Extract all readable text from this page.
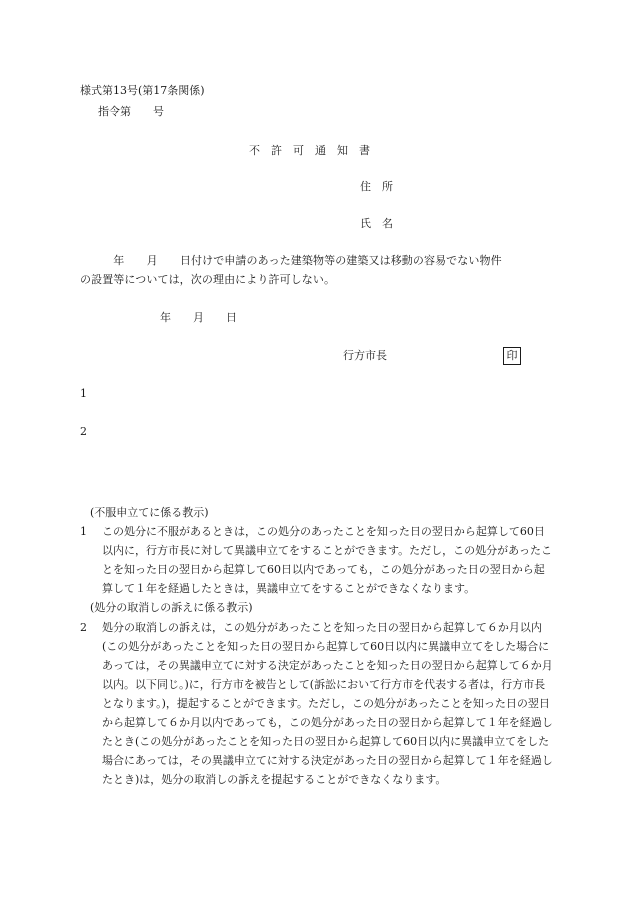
様式第13号(第17条関係)
指令第　　号
不　許　可　通　知　書
住　所
氏　名
　　　年　　月　　日付けで申請のあった建築物等の建築又は移動の容易でない物件
の設置等については，次の理由により許可しない。
年　　月　　日
行方市長	印
1
2
(不服申立てに係る教示)
1	この処分に不服があるときは，この処分のあったことを知った日の翌日から起算して60日以内に，行方市長に対して異議申立てをすることができます。ただし，この処分があったことを知った日の翌日から起算して60日以内であっても，この処分があった日の翌日から起算して１年を経過したときは，異議申立てをすることができなくなります。
(処分の取消しの訴えに係る教示)
2	処分の取消しの訴えは，この処分があったことを知った日の翌日から起算して６か月以内(この処分があったことを知った日の翌日から起算して60日以内に異議申立てをした場合にあっては，その異議申立てに対する決定があったことを知った日の翌日から起算して６か月以内。以下同じ。)に，行方市を被告として(訴訟において行方市を代表する者は，行方市長となります。)，提起することができます。ただし，この処分があったことを知った日の翌日から起算して６か月以内であっても，この処分があった日の翌日から起算して１年を経過したとき(この処分があったことを知った日の翌日から起算して60日以内に異議申立てをした場合にあっては，その異議申立てに対する決定があった日の翌日から起算して１年を経過したとき)は，処分の取消しの訴えを提起することができなくなります。
